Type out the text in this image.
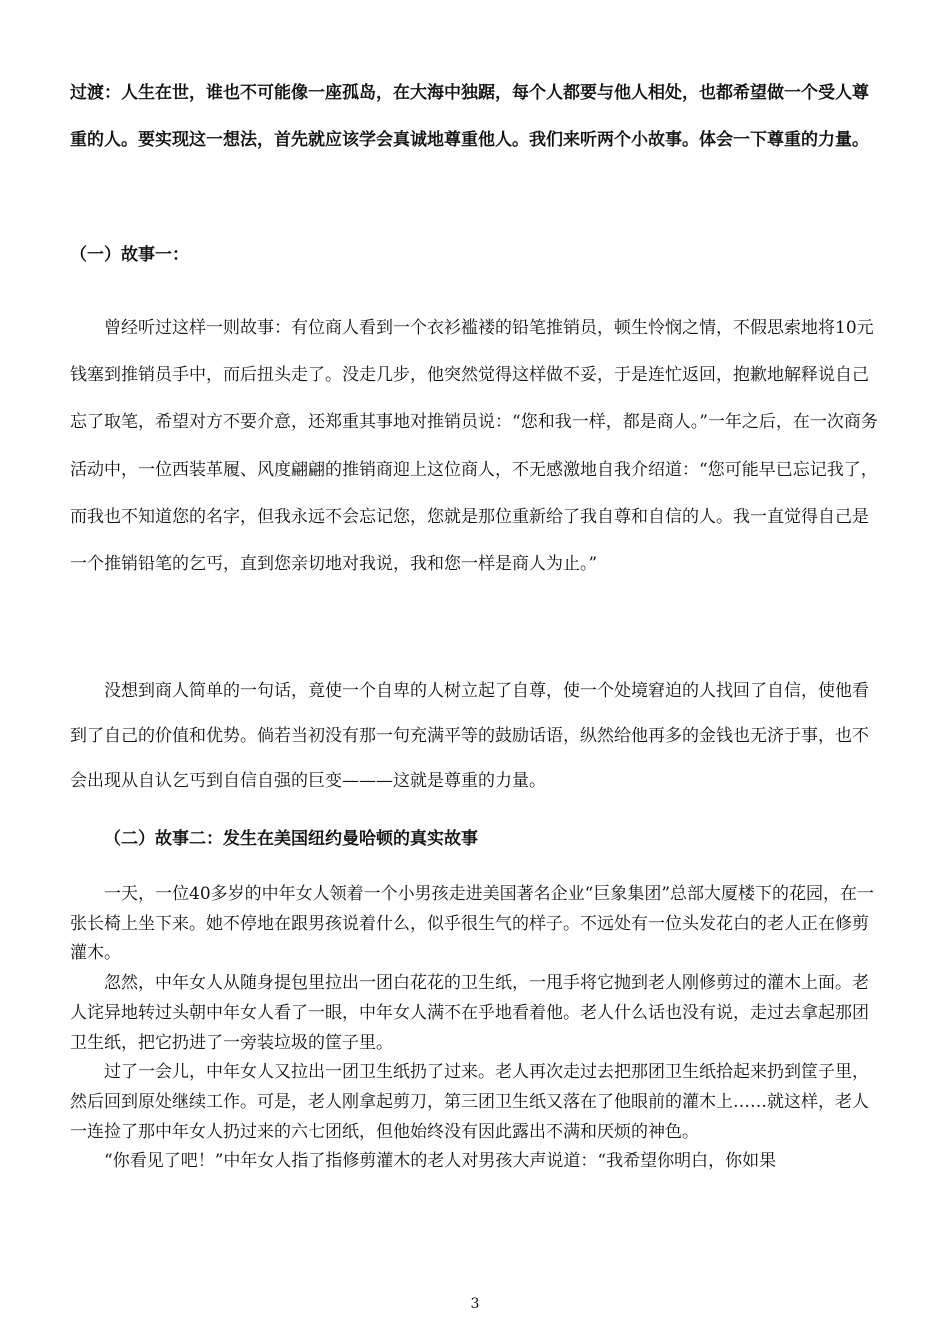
过渡：人生在世，谁也不可能像一座孤岛，在大海中独踞，每个人都要与他人相处，也都希望做一个受人尊重的人。要实现这一想法，首先就应该学会真诚地尊重他人。我们来听两个小故事。体会一下尊重的力量。

（一）故事一：

曾经听过这样一则故事：有位商人看到一个衣衫褴褛的铅笔推销员，顿生怜悯之情，不假思索地将10元钱塞到推销员手中，而后扭头走了。没走几步，他突然觉得这样做不妥，于是连忙返回，抱歉地解释说自己忘了取笔，希望对方不要介意，还郑重其事地对推销员说：“您和我一样，都是商人。”一年之后，在一次商务活动中，一位西装革履、风度翩翩的推销商迎上这位商人，不无感激地自我介绍道：“您可能早已忘记我了，而我也不知道您的名字，但我永远不会忘记您，您就是那位重新给了我自尊和自信的人。我一直觉得自己是一个推销铅笔的乞丐，直到您亲切地对我说，我和您一样是商人为止。”

没想到商人简单的一句话，竟使一个自卑的人树立起了自尊，使一个处境窘迫的人找回了自信，使他看到了自己的价值和优势。倘若当初没有那一句充满平等的鼓励话语，纵然给他再多的金钱也无济于事，也不会出现从自认乞丐到自信自强的巨变———这就是尊重的力量。

（二）故事二：发生在美国纽约曼哈顿的真实故事

一天，一位40多岁的中年女人领着一个小男孩走进美国著名企业“巨象集团”总部大厦楼下的花园，在一张长椅上坐下来。她不停地在跟男孩说着什么，似乎很生气的样子。不远处有一位头发花白的老人正在修剪灌木。

忽然，中年女人从随身提包里拉出一团白花花的卫生纸，一甩手将它抛到老人刚修剪过的灌木上面。老人诧异地转过头朝中年女人看了一眼，中年女人满不在乎地看着他。老人什么话也没有说，走过去拿起那团卫生纸，把它扔进了一旁装垃圾的筐子里。

过了一会儿，中年女人又拉出一团卫生纸扔了过来。老人再次走过去把那团卫生纸拾起来扔到筐子里，然后回到原处继续工作。可是，老人刚拿起剪刀，第三团卫生纸又落在了他眼前的灌木上……就这样，老人一连捡了那中年女人扔过来的六七团纸，但他始终没有因此露出不满和厌烦的神色。

“你看见了吧！”中年女人指了指修剪灌木的老人对男孩大声说道：“我希望你明白，你如果

3
